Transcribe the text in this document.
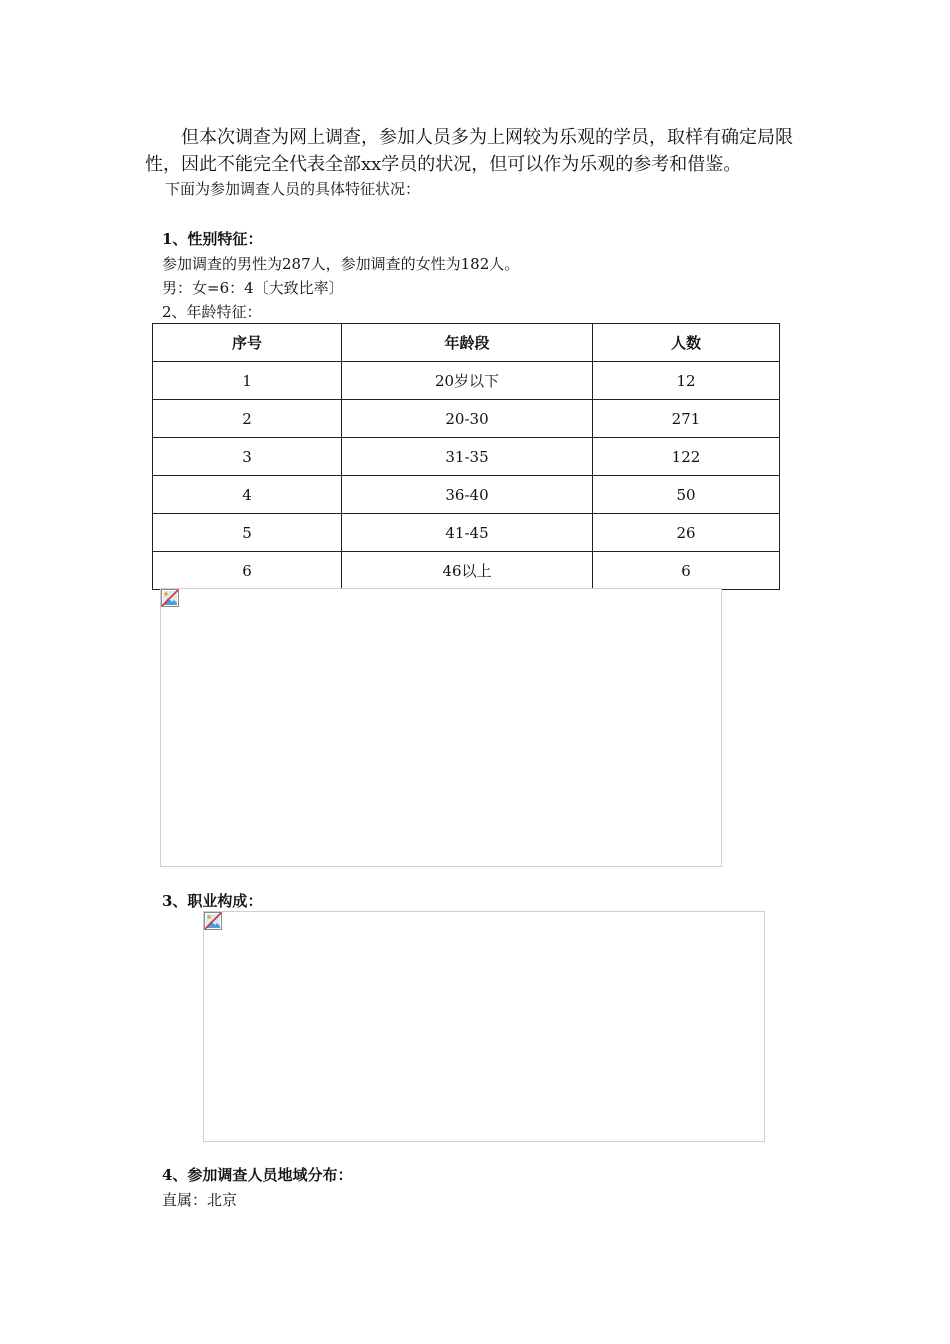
但本次调查为网上调查，参加人员多为上网较为乐观的学员，取样有确定局限性，因此不能完全代表全部xx学员的状况，但可以作为乐观的参考和借鉴。
下面为参加调查人员的具体特征状况：
1、性别特征：
参加调查的男性为287人，参加调查的女性为182人。
男：女=6：4〔大致比率〕
2、年龄特征：
序号	年龄段	人数
1	20岁以下	12
2	20-30	271
3	31-35	122
4	36-40	50
5	41-45	26
6	46以上	6
3、职业构成：
4、参加调查人员地域分布：
直属：北京
